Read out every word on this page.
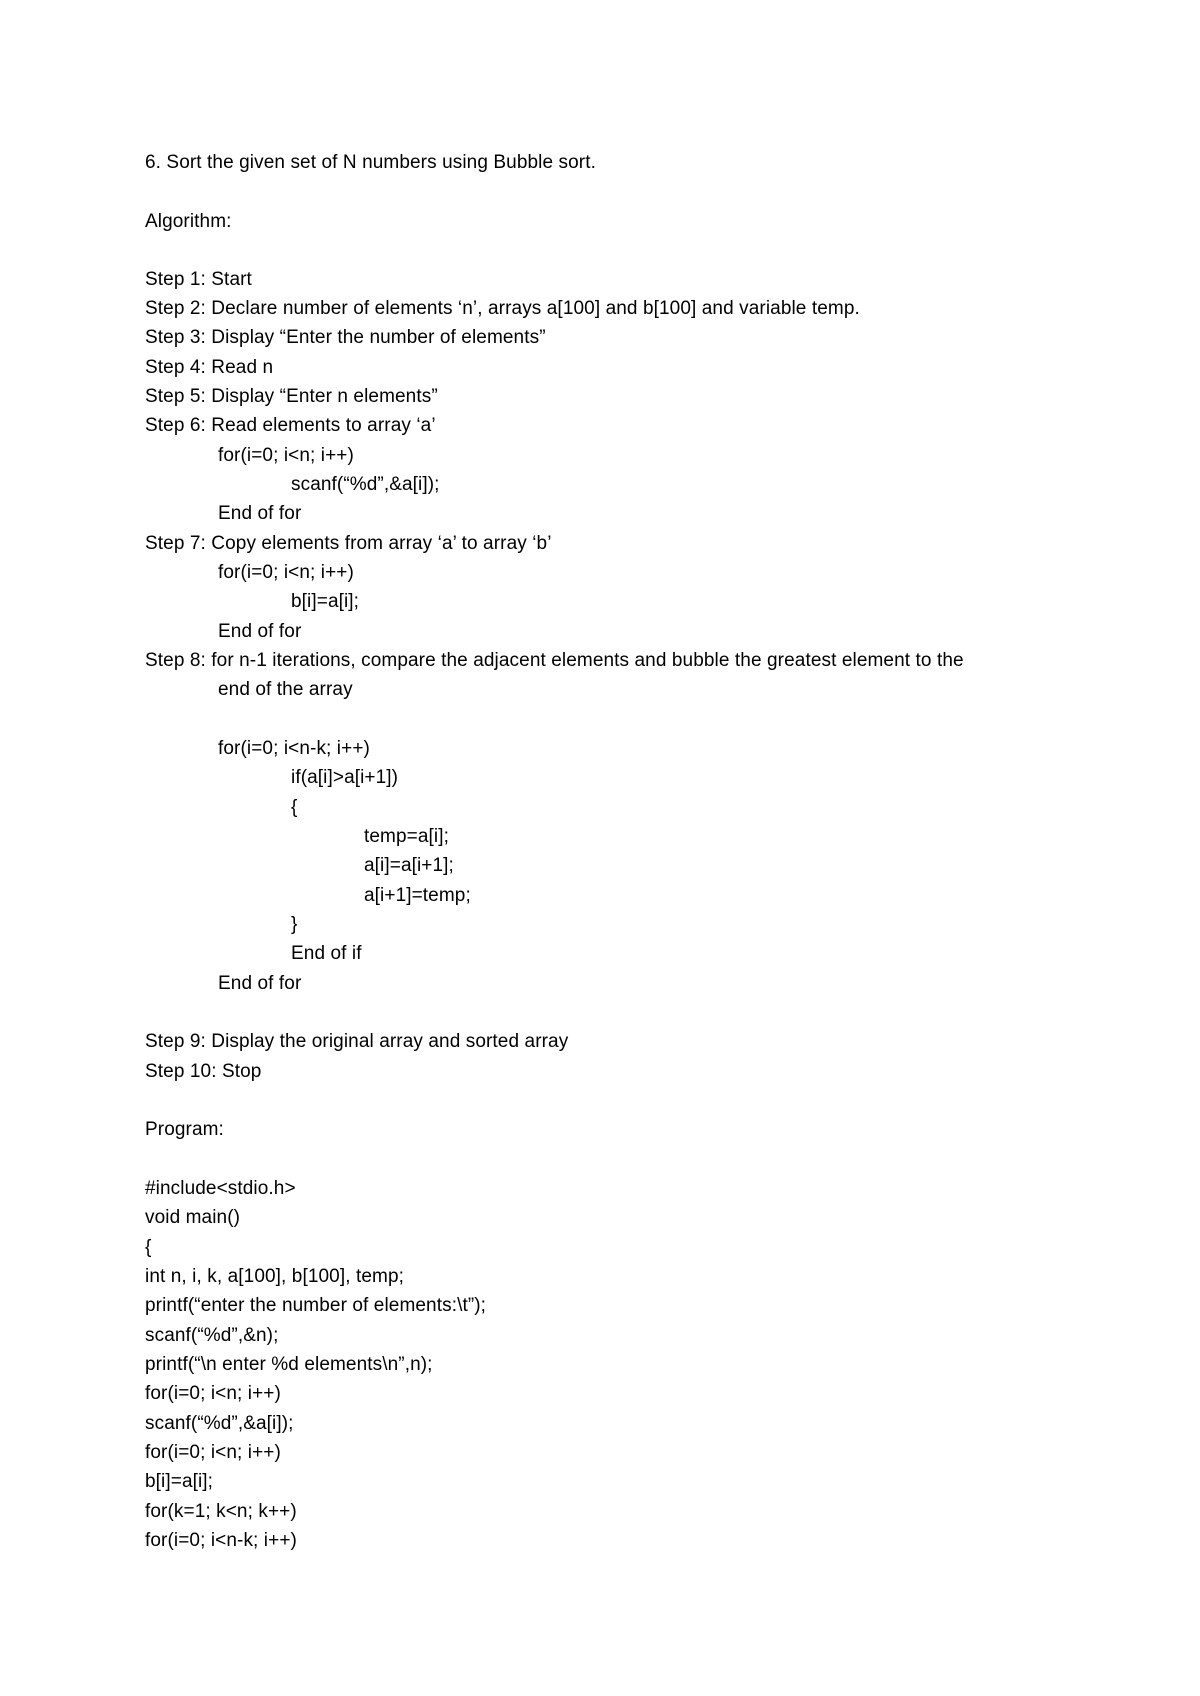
6. Sort the given set of N numbers using Bubble sort.
Algorithm:
Step 1: Start
Step 2: Declare number of elements ‘n’, arrays a[100] and b[100] and variable temp.
Step 3: Display “Enter the number of elements”
Step 4: Read n
Step 5: Display “Enter n elements”
Step 6: Read elements to array ‘a’
for(i=0; i<n; i++)
scanf(“%d”,&a[i]);
End of for
Step 7: Copy elements from array ‘a’ to array ‘b’
for(i=0; i<n; i++)
b[i]=a[i];
End of for
Step 8: for n-1 iterations, compare the adjacent elements and bubble the greatest element to the
end of the array
for(i=0; i<n-k; i++)
if(a[i]>a[i+1])
{
temp=a[i];
a[i]=a[i+1];
a[i+1]=temp;
}
End of if
End of for
Step 9: Display the original array and sorted array
Step 10: Stop
Program:
#include<stdio.h>
void main()
{
int n, i, k, a[100], b[100], temp;
printf(“enter the number of elements:\t”);
scanf(“%d”,&n);
printf(“\n enter %d elements\n”,n);
for(i=0; i<n; i++)
scanf(“%d”,&a[i]);
for(i=0; i<n; i++)
b[i]=a[i];
for(k=1; k<n; k++)
for(i=0; i<n-k; i++)
